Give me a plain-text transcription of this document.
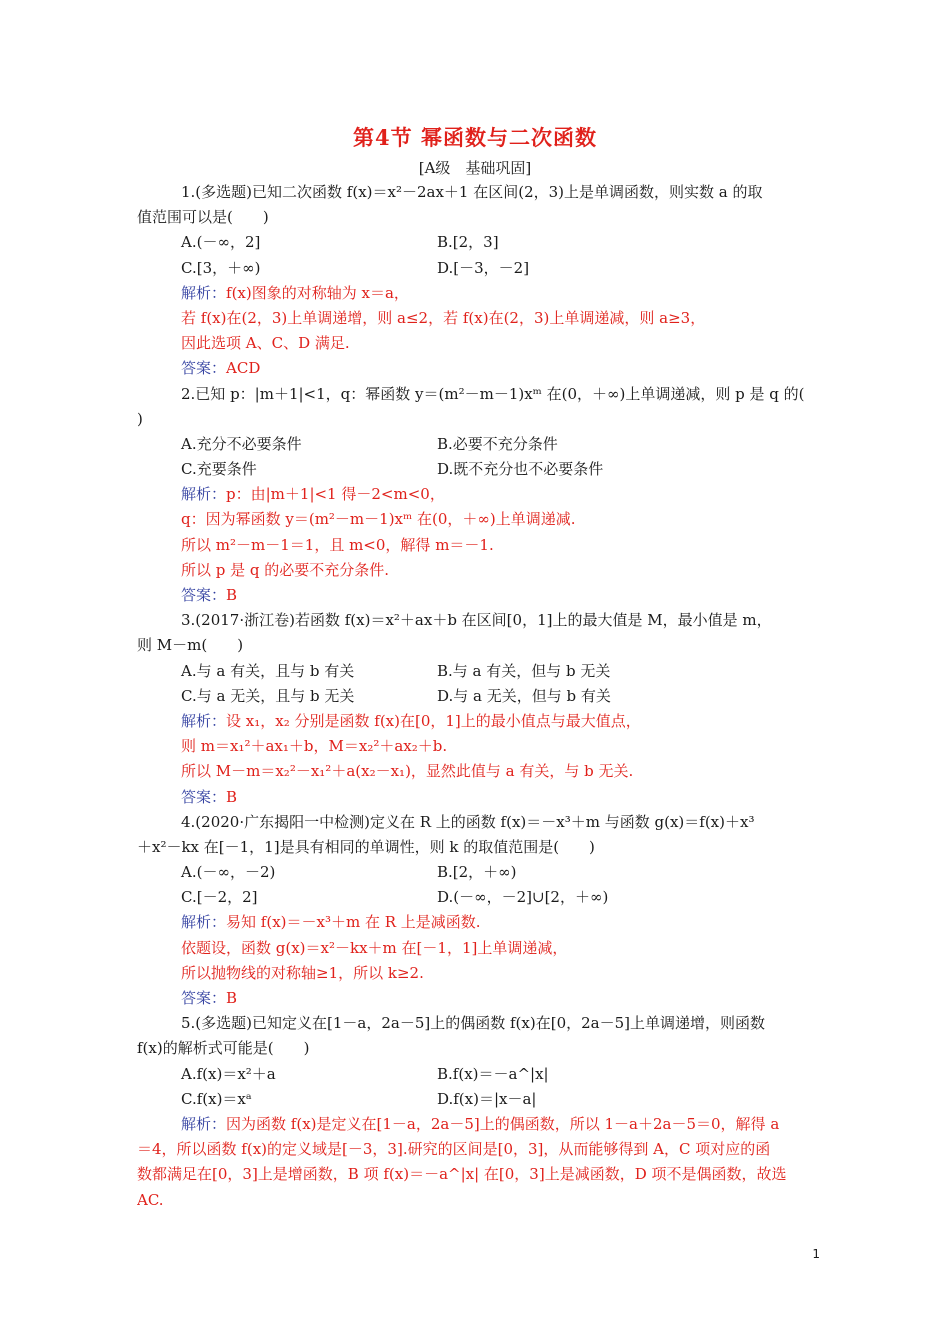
第4节 幂函数与二次函数
[A级　基础巩固]
1.(多选题)已知二次函数 f(x)＝x²－2ax＋1 在区间(2，3)上是单调函数，则实数 a 的取
值范围可以是(　　)
A.(－∞，2]	B.[2，3]
C.[3，＋∞)	D.[－3，－2]
解析：f(x)图象的对称轴为 x＝a，
若 f(x)在(2，3)上单调递增，则 a≤2，若 f(x)在(2，3)上单调递减，则 a≥3，
因此选项 A、C、D 满足.
答案：ACD
2.已知 p：|m＋1|<1，q：幂函数 y＝(m²－m－1)xᵐ 在(0，＋∞)上单调递减，则 p 是 q 的(
)
A.充分不必要条件	B.必要不充分条件
C.充要条件	D.既不充分也不必要条件
解析：p：由|m＋1|<1 得－2<m<0，
q：因为幂函数 y＝(m²－m－1)xᵐ 在(0，＋∞)上单调递减.
所以 m²－m－1＝1，且 m<0，解得 m＝－1.
所以 p 是 q 的必要不充分条件.
答案：B
3.(2017·浙江卷)若函数 f(x)＝x²＋ax＋b 在区间[0，1]上的最大值是 M，最小值是 m，
则 M－m(　　)
A.与 a 有关，且与 b 有关	B.与 a 有关，但与 b 无关
C.与 a 无关，且与 b 无关	D.与 a 无关，但与 b 有关
解析：设 x₁，x₂ 分别是函数 f(x)在[0，1]上的最小值点与最大值点，
则 m＝x₁²＋ax₁＋b，M＝x₂²＋ax₂＋b.
所以 M－m＝x₂²－x₁²＋a(x₂－x₁)，显然此值与 a 有关，与 b 无关.
答案：B
4.(2020·广东揭阳一中检测)定义在 R 上的函数 f(x)＝－x³＋m 与函数 g(x)＝f(x)＋x³
＋x²－kx 在[－1，1]是具有相同的单调性，则 k 的取值范围是(　　)
A.(－∞，－2)	B.[2，＋∞)
C.[－2，2]	D.(－∞，－2]∪[2，＋∞)
解析：易知 f(x)＝－x³＋m 在 R 上是减函数.
依题设，函数 g(x)＝x²－kx＋m 在[－1，1]上单调递减，
所以抛物线的对称轴≥1，所以 k≥2.
答案：B
5.(多选题)已知定义在[1－a，2a－5]上的偶函数 f(x)在[0，2a－5]上单调递增，则函数
f(x)的解析式可能是(　　)
A.f(x)＝x²＋a	B.f(x)＝－a^|x|
C.f(x)＝xᵃ	D.f(x)＝|x－a|
解析：因为函数 f(x)是定义在[1－a，2a－5]上的偶函数，所以 1－a＋2a－5＝0，解得 a
＝4，所以函数 f(x)的定义域是[－3，3].研究的区间是[0，3]，从而能够得到 A，C 项对应的函
数都满足在[0，3]上是增函数，B 项 f(x)＝－a^|x| 在[0，3]上是减函数，D 项不是偶函数，故选
AC.
1
